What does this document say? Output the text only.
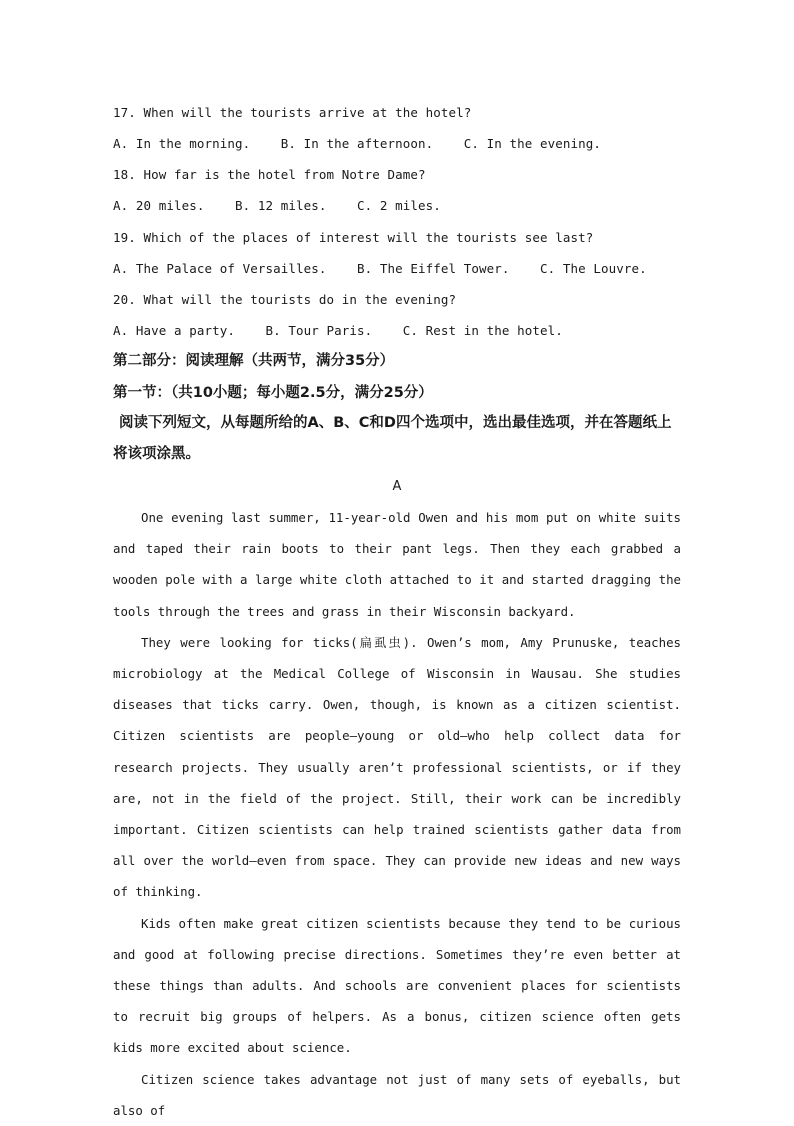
17. When will the tourists arrive at the hotel?
A. In the morning.    B. In the afternoon.    C. In the evening.
18. How far is the hotel from Notre Dame?
A. 20 miles.    B. 12 miles.    C. 2 miles.
19. Which of the places of interest will the tourists see last?
A. The Palace of Versailles.    B. The Eiffel Tower.    C. The Louvre.
20. What will the tourists do in the evening?
A. Have a party.    B. Tour Paris.    C. Rest in the hotel.
第二部分：阅读理解（共两节，满分35分）
第一节：（共10小题；每小题2.5分，满分25分）
阅读下列短文，从每题所给的A、B、C和D四个选项中，选出最佳选项，并在答题纸上将该项涂黑。
A

One evening last summer, 11-year-old Owen and his mom put on white suits and taped their rain boots to their pant legs. Then they each grabbed a wooden pole with a large white cloth attached to it and started dragging the tools through the trees and grass in their Wisconsin backyard.

They were looking for ticks(扁虱虫). Owen’s mom, Amy Prunuske, teaches microbiology at the Medical College of Wisconsin in Wausau. She studies diseases that ticks carry. Owen, though, is known as a citizen scientist. Citizen scientists are people—young or old—who help collect data for research projects. They usually aren’t professional scientists, or if they are, not in the field of the project. Still, their work can be incredibly important. Citizen scientists can help trained scientists gather data from all over the world—even from space. They can provide new ideas and new ways of thinking.

Kids often make great citizen scientists because they tend to be curious and good at following precise directions. Sometimes they’re even better at these things than adults. And schools are convenient places for scientists to recruit big groups of helpers. As a bonus, citizen science often gets kids more excited about science.

Citizen science takes advantage not just of many sets of eyeballs, but also of
